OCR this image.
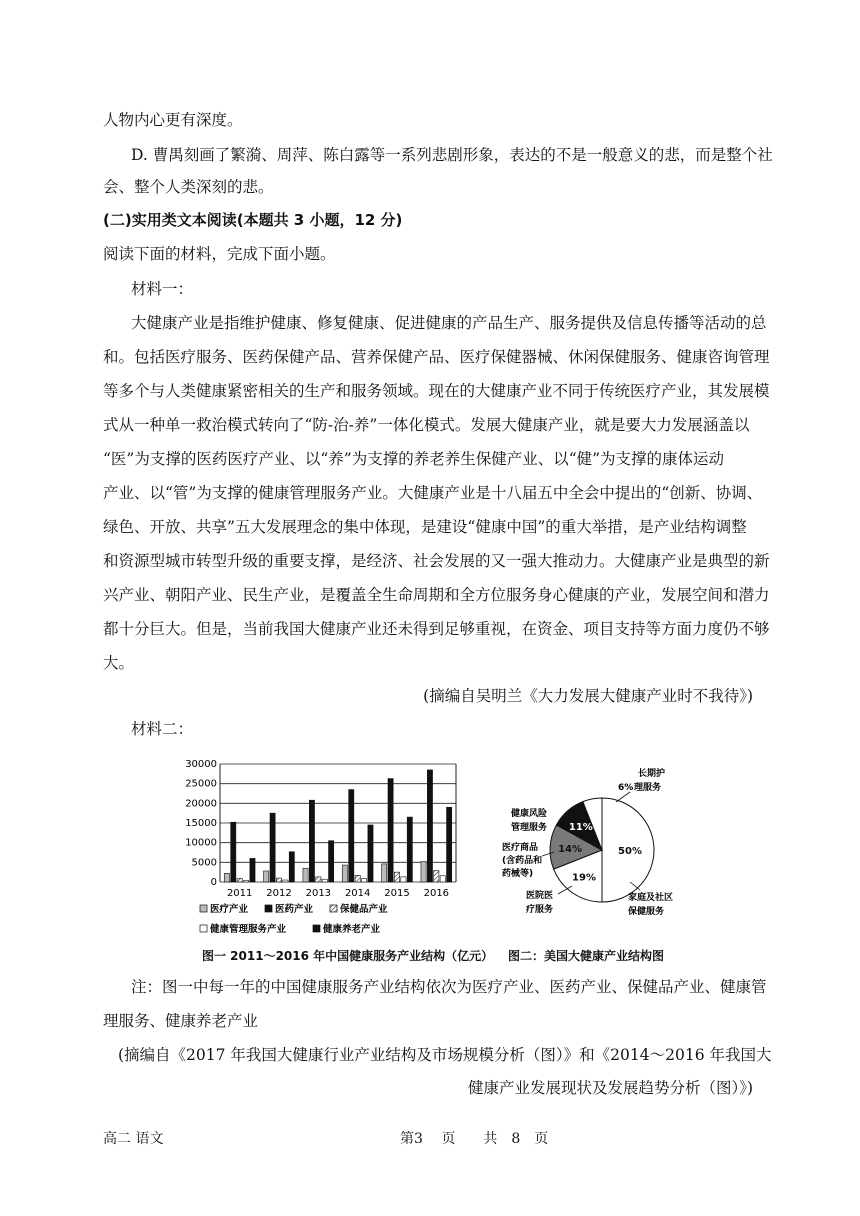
人物内心更有深度。
D. 曹禺刻画了繁漪、周萍、陈白露等一系列悲剧形象，表达的不是一般意义的悲，而是整个社
会、整个人类深刻的悲。
(二)实用类文本阅读(本题共 3 小题，12 分)
阅读下面的材料，完成下面小题。
材料一：
大健康产业是指维护健康、修复健康、促进健康的产品生产、服务提供及信息传播等活动的总
和。包括医疗服务、医药保健产品、营养保健产品、医疗保健器械、休闲保健服务、健康咨询管理
等多个与人类健康紧密相关的生产和服务领域。现在的大健康产业不同于传统医疗产业，其发展模
式从一种单一救治模式转向了“防-治-养”一体化模式。发展大健康产业，就是要大力发展涵盖以
“医”为支撑的医药医疗产业、以“养”为支撑的养老养生保健产业、以“健”为支撑的康体运动
产业、以“管”为支撑的健康管理服务产业。大健康产业是十八届五中全会中提出的“创新、协调、
绿色、开放、共享”五大发展理念的集中体现，是建设“健康中国”的重大举措，是产业结构调整
和资源型城市转型升级的重要支撑，是经济、社会发展的又一强大推动力。大健康产业是典型的新
兴产业、朝阳产业、民生产业，是覆盖全生命周期和全方位服务身心健康的产业，发展空间和潜力
都十分巨大。但是，当前我国大健康产业还未得到足够重视，在资金、项目支持等方面力度仍不够
大。
(摘编自吴明兰《大力发展大健康产业时不我待》)
材料二：
0
5000
10000
15000
20000
25000
30000
2011 2012 2013 2014 2015 2016
医疗产业	医药产业	保健品产业
健康管理服务产业	健康养老产业
50%
19%
14%
11%
长期护
6% 理服务
健康风险
管理服务
医疗商品
(含药品和
药械等)
医院医
疗服务
家庭及社区
保健服务
图一 2011～2016 年中国健康服务产业结构（亿元） 图二：美国大健康产业结构图
注：图一中每一年的中国健康服务产业结构依次为医疗产业、医药产业、保健品产业、健康管
理服务、健康养老产业
(摘编自《2017 年我国大健康行业产业结构及市场规模分析（图）》和《2014～2016 年我国大
健康产业发展现状及发展趋势分析（图）》)
高二 语文	第3　 页　　共　8　页
